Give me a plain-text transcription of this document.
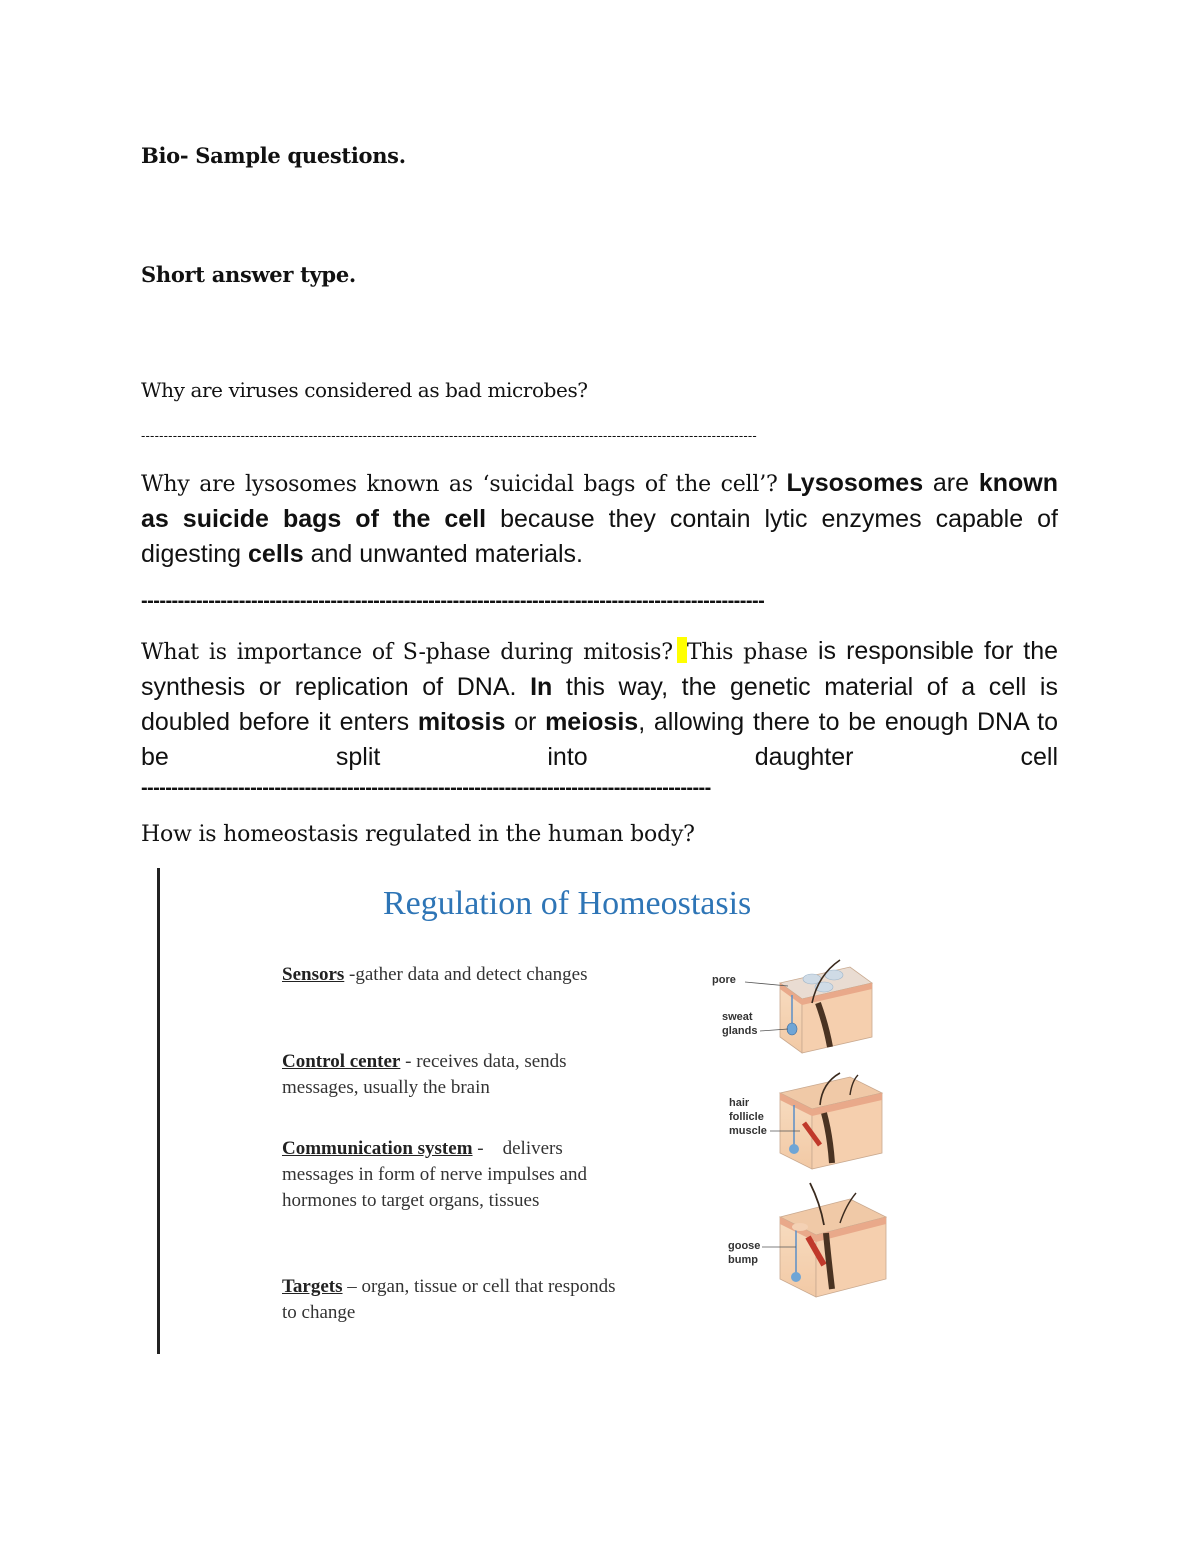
Bio- Sample questions.
Short answer type.
Why are viruses considered as bad microbes?
----------------------------------------------------------------------------------------------------------------------------------------
Why are lysosomes known as ‘suicidal bags of the cell’? Lysosomes are known as suicide bags of the cell because they contain lytic enzymes capable of digesting cells and unwanted materials.
------------------------------------------------------------------------------------------------------
What is importance of S-phase during mitosis? This phase is responsible for the synthesis or replication of DNA. In this way, the genetic material of a cell is doubled before it enters mitosis or meiosis, allowing there to be enough DNA to be split into daughter cell
----------------------------------------------------------------------------------------------
How is homeostasis regulated in the human body?
Regulation of Homeostasis
Sensors -gather data and detect changes
Control center - receives data, sends messages, usually the brain
Communication system -    delivers messages in form of nerve impulses and hormones to target organs, tissues
Targets – organ, tissue or cell that responds to change
pore
sweat
glands
hair
follicle
muscle
goose
bump
